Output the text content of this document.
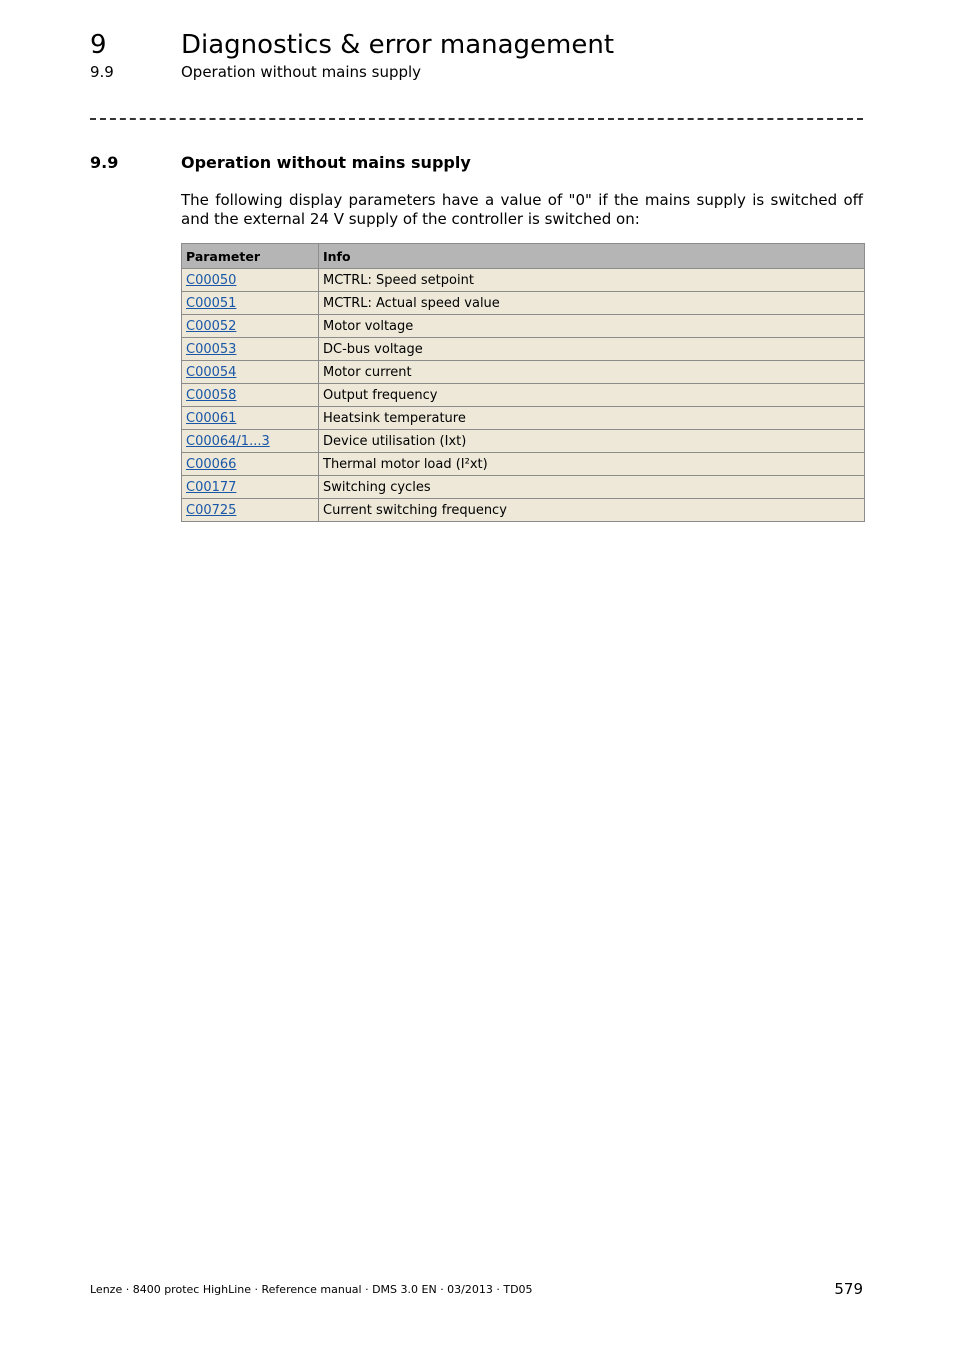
9	Diagnostics & error management
9.9	Operation without mains supply
9.9	Operation without mains supply

The following display parameters have a value of "0" if the mains supply is switched off and the external 24 V supply of the controller is switched on:

Parameter	Info
C00050	MCTRL: Speed setpoint
C00051	MCTRL: Actual speed value
C00052	Motor voltage
C00053	DC-bus voltage
C00054	Motor current
C00058	Output frequency
C00061	Heatsink temperature
C00064/1...3	Device utilisation (Ixt)
C00066	Thermal motor load (I²xt)
C00177	Switching cycles
C00725	Current switching frequency
Lenze · 8400 protec HighLine · Reference manual · DMS 3.0 EN · 03/2013 · TD05	579
